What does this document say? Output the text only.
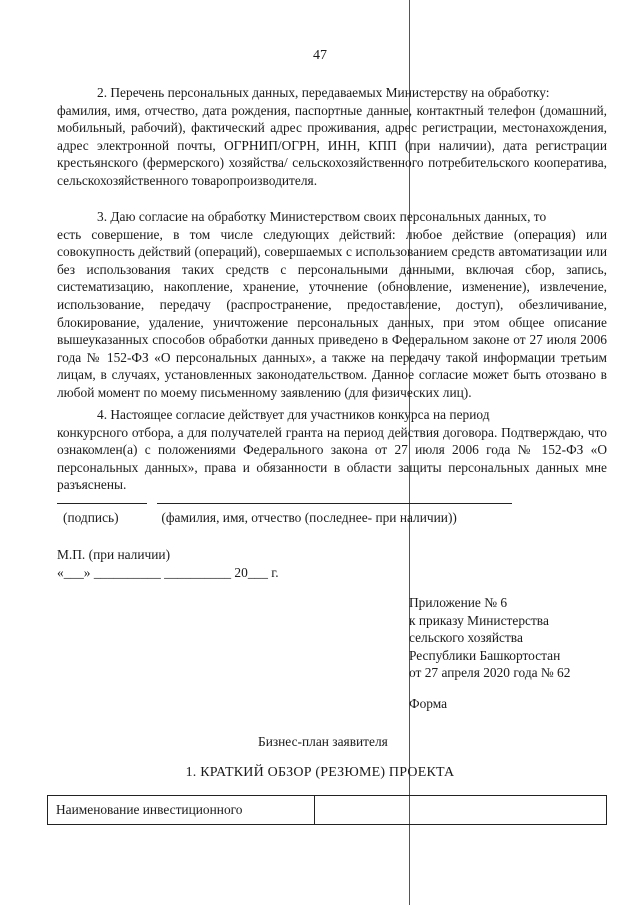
47
2. Перечень персональных данных, передаваемых Министерству на обработку:
фамилия, имя, отчество, дата рождения, паспортные данные, контактный телефон (домашний, мобильный, рабочий), фактический адрес проживания, адрес регистрации, местонахождения, адрес электронной почты, ОГРНИП/ОГРН, ИНН, КПП (при наличии), дата регистрации крестьянского (фермерского) хозяйства/ сельскохозяйственного потребительского кооператива, сельскохозяйственного товаропроизводителя.
3. Даю согласие на обработку Министерством своих персональных данных, то
есть совершение, в том числе следующих действий: любое действие (операция) или совокупность действий (операций), совершаемых с использованием средств автоматизации или без использования таких средств с персональными данными, включая сбор, запись, систематизацию, накопление, хранение, уточнение (обновление, изменение), извлечение, использование, передачу (распространение, предоставление, доступ), обезличивание, блокирование, удаление, уничтожение персональных данных, при этом общее описание вышеуказанных способов обработки данных приведено в Федеральном законе от 27 июля 2006 года № 152-ФЗ «О персональных данных», а также на передачу такой информации третьим лицам, в случаях, установленных законодательством. Данное согласие может быть отозвано в любой момент по моему письменному заявлению (для физических лиц).
4. Настоящее согласие действует для участников конкурса на период
конкурсного отбора, а для получателей гранта на период действия договора. Подтверждаю, что ознакомлен(а) с положениями Федерального закона от 27 июля 2006 года № 152-ФЗ «О персональных данных», права и обязанности в области защиты персональных данных мне разъяснены.
(подпись)	(фамилия, имя, отчество (последнее- при наличии))
М.П. (при наличии)
«___» __________ __________ 20___ г.
Приложение № 6
к приказу Министерства
сельского хозяйства
Республики Башкортостан
от 27 апреля 2020 года № 62
Форма
Бизнес-план заявителя
1. КРАТКИЙ ОБЗОР (РЕЗЮМЕ) ПРОЕКТА
Наименование инвестиционного	
